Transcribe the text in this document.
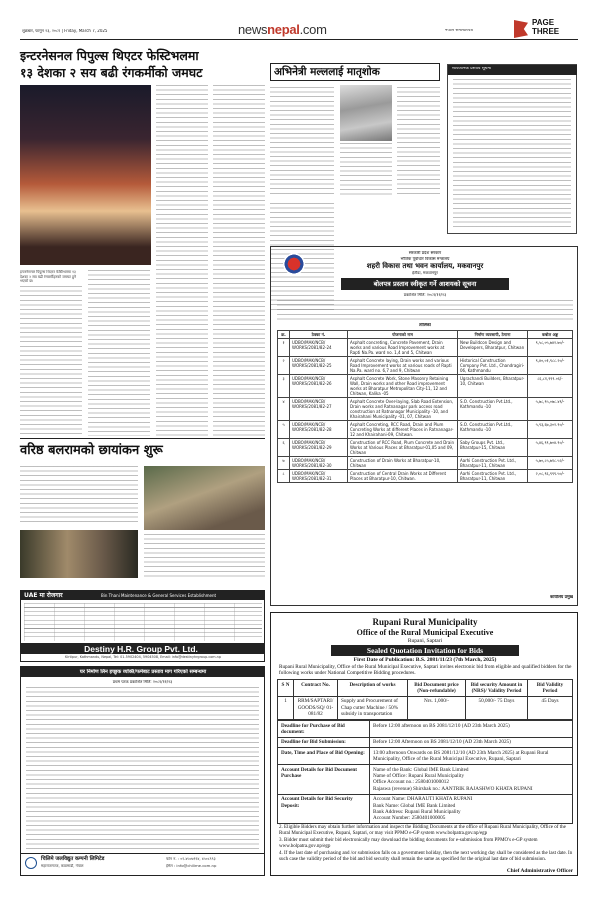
शुक्रबार, फागुन २३, २०८१ | Friday, March 7, 2025	newsnepal.com	नेपाल समाचारपत्र
PAGE
THREE
इन्टरनेसनल पिपुल्स थिएटर फेस्टिभलमा
१३ देशका २ सय बढी रंगकर्मीको जमघट
इन्टरनेसनल पिपुल्स थिएटर फेस्टिभलमा १३ देशका २ सय बढी रंगकर्मीहरुको जमघट हुने भएको छ।
अभिनेत्री मल्ललाई मातृशोक	सार्वजनिक प्रस्ताव सूचना
सरकारी प्रदेश सरकार
भौतिक पूर्वाधार विकास मन्त्रालय
शहरी विकास तथा भवन कार्यालय, मकवानपुर
हेटौंडा, मकवानपुर
बोलपत्र प्रस्ताव स्वीकृत गर्ने आशयको सूचना
प्रकाशित मिति: २०८१/११/२३
तालिका
क्र.	ठेक्का नं.	योजनाको नाम	निर्माण व्यवसायी, ठेगाना	कबोल अङ्क
१	UDBO/MAK/NCB/ WORKS/2081/82-24	Asphalt concreting, Concrete Pavement, Drain works and various Road Improvement works at Rapti Na.Pa. ward no. 1,4 and 5, Chitwan	New Buildcon Design and Developers, Bharatpur, Chitwan	९,५८,०५,७४२.७०/-
२	UDBO/MAK/NCB/ WORKS/2081/82-25	Asphalt Concrete laying, Drain works and various Road Improvement works at various roads of Rapti Na.Pa. ward no. 6,7 and 9, Chitwan	Historical Construction Company Pvt. Ltd., Chandragiri-06, Kathmandu	९,४०,०१,९८८.२०/-
३	UDBO/MAK/NCB/ WORKS/2081/82-26	Asphalt Concrete Work, Stone Masonry Retaining Wall, Drain works and other Road improvement works at Bharatpur Metropolitan City-11, 12 and Chitwan, Kalika -05	Ugrachandi Builders, Bharatpur-10, Chitwan	८६,८१,९९९.०६/-
४	UDBO/MAK/NCB/ WORKS/2081/82-27	Asphalt Concrete Over-laying, Slab Road Extension, Drain works and Ratnanagar park access road construction at Ratnanagar Municipality -10, and Khairahani Municipality -01, 07, Chitwan	S.O. Construction Pvt.Ltd., Kathmandu -10	५,७८,९५,०७८.४९/-
५	UDBO/MAK/NCB/ WORKS/2081/82-28	Asphalt Concreting, RCC Road, Drain and Plum Concreting Works at different Places in Ratnanagar-12 and Khairahani-09, Chitwan.	S.O. Construction Pvt.Ltd., Kathmandu -10	५,९३,६७,३०२.९०/-
६	UDBO/MAK/NCB/ WORKS/2081/82-29	Construction of RCC Road, Plum Concrete and Drain Works at Various Places at Bharatpur-01,05 and 09, Chitwan	Saby Groups Pvt. Ltd., Bharatpur-15, Chitwan	५,४६,९९,७०४.९०/-
७	UDBO/MAK/NCB/ WORKS/2081/82-30	Construction of Drain Works at Bharatpur-10, Chitwan	Aarhi Construction Pvt. Ltd., Bharatpur-11, Chitwan	५,७०,८५,७१८.५२/-
८	UDBO/MAK/NCB/ WORKS/2081/82-31	Construction of Central Drain Works at Different Places at Bharatpur-10, Chitwan.	Aarhi Construction Pvt. Ltd., Bharatpur-11, Chitwan	२,०८,९६,९९९.५०/-
कार्यालय प्रमुख
वरिष्ठ बलरामको छायांकन शुरू
UAE मा रोजगार	Bin Thani Maintenance & General Services Establishment
Destiny H.R. Group Pvt. Ltd.
Kirtipur, Kathmandu, Nepal, Tel: 01-5902404, 5904508, Email: info@destinyhrgroup.com.np
घर निर्माण लिन इच्छुक व्यक्ति/फर्मबाट प्रस्ताव माग गरिएको सम्बन्धमा
प्रथम पटक प्रकाशित मिति: २०८१/११/२३
चिलिमे जलविद्युत कम्पनी लिमिटेड
महाराजगञ्ज, काठमाडौं, नेपाल
फोन न. : ०१-४५०७९९४, ४५०८९९३
ईमेल : info@chilime.com.np
Rupani Rural Municipality
Office of the Rural Municipal Executive
Rupani, Saptari
Sealed Quotation Invitation for Bids
First Date of Publication: B.S. 2081/11/23 (7th March, 2025)
Rupani Rural Municipality, Office of the Rural Municipal Executive, Saptari invites electronic bid from eligible and qualified bidders for the following works under National Competitive Bidding procedures.
S N	Contract No.	Description of works	Bid Document price (Non-refundable)	Bid security Amount in (NRS)/ Validity Period	Bid Validity Period
1	RRM/SAPTARI/ GOODS/SQ/ 01-081/82	Supply and Procurement of Chap cutter Machine / 50% subsidy in transportation	Nrs. 1,000/-	50,000/- 75 Days	45 Days
Deadline for Purchase of Bid document:	Before 12:00 afternoon on BS 2081/12/10 (AD 23th March 2025)
Deadline for Bid Submission:	Before 12:00 Afternoon on BS 2081/12/10 (AD 23th March 2025)
Date, Time and Place of Bid Opening:	13:00 afternoon Onwards on BS 2081/12/10 (AD 23th March 2025) at Rupani Rural Municipality, Office of the Rural Municipal Executive, Rupani, Saptari
Account Details for Bid Document Purchase	Name of the Bank: Global IME Bank Limited
Name of Office: Rupani Rural Municipality
Office Account no.: 2580401000012
Rajaswa (revenue) Shirshak no.: AANTRIK RAJASHWO KHATA RUPANI
Account Details for Bid Security Deposit:	Account Name: DHARAUTI KHATA RUPANI
Bank Name: Global IME Bank Limited
Bank Address: Rupani Rural Municipality
Account Number: 2580401000005
2. Eligible Bidders may obtain further information and inspect the Bidding Documents at the office of Rupani Rural Municipality, Office of the Rural Municipal Executive, Rupani, Saptari, or may visit PPMO e-GP system www.bolpatra.gov.np/egp
3. Bidder must submit their bid electronically may download the bidding documents for e-submission from PPMO's e-GP system www.bolpatra.gov.np/egp
4. If the last date of purchasing and /or submission falls on a government holiday, then the next working day shall be considered as the last date. In such case the validity period of the bid and bid security shall remain the same as specified for the original last date of bid submission.
Chief Administrative Officer
